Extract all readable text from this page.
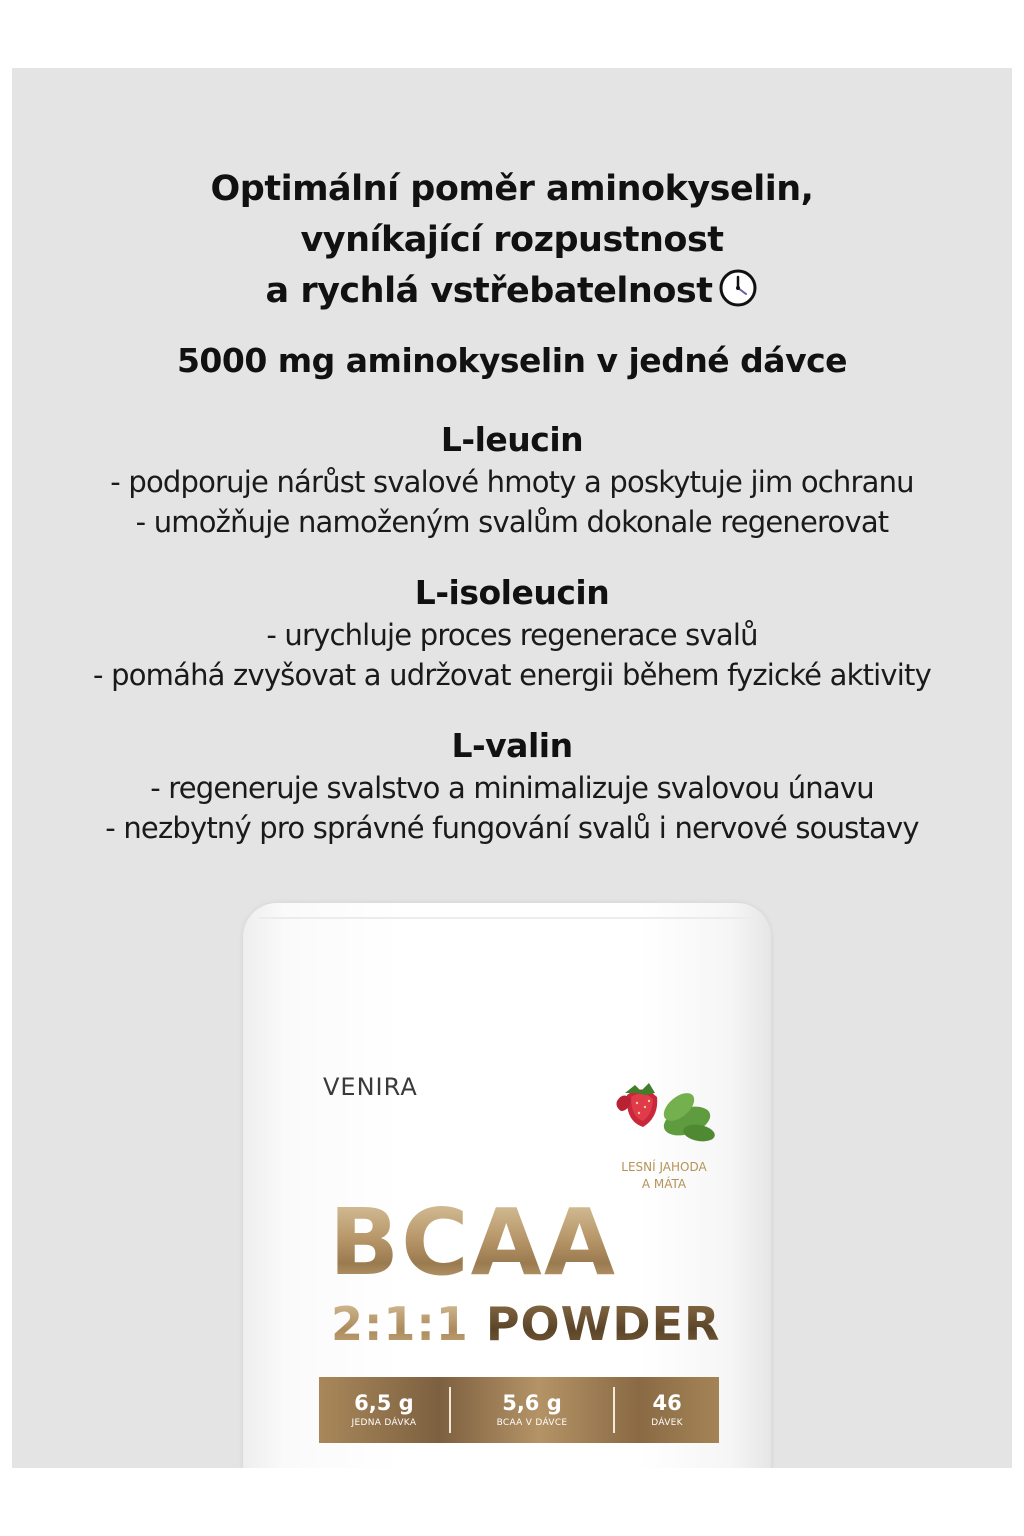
Optimální poměr aminokyselin,
vyníkající rozpustnost
a rychlá vstřebatelnost
5000 mg aminokyselin v jedné dávce
L-leucin

- podporuje nárůst svalové hmoty a poskytuje jim ochranu

- umožňuje namoženým svalům dokonale regenerovat

L-isoleucin

- urychluje proces regenerace svalů

- pomáhá zvyšovat a udržovat energii během fyzické aktivity

L-valin

- regeneruje svalstvo a minimalizuje svalovou únavu

- nezbytný pro správné fungování svalů i nervové soustavy

VENIRA
LESNÍ JAHODA
A MÁTA
BCAA
2:1:1 POWDER
6,5 g
JEDNA DÁVKA
5,6 g
BCAA V DÁVCE
46
DÁVEK
